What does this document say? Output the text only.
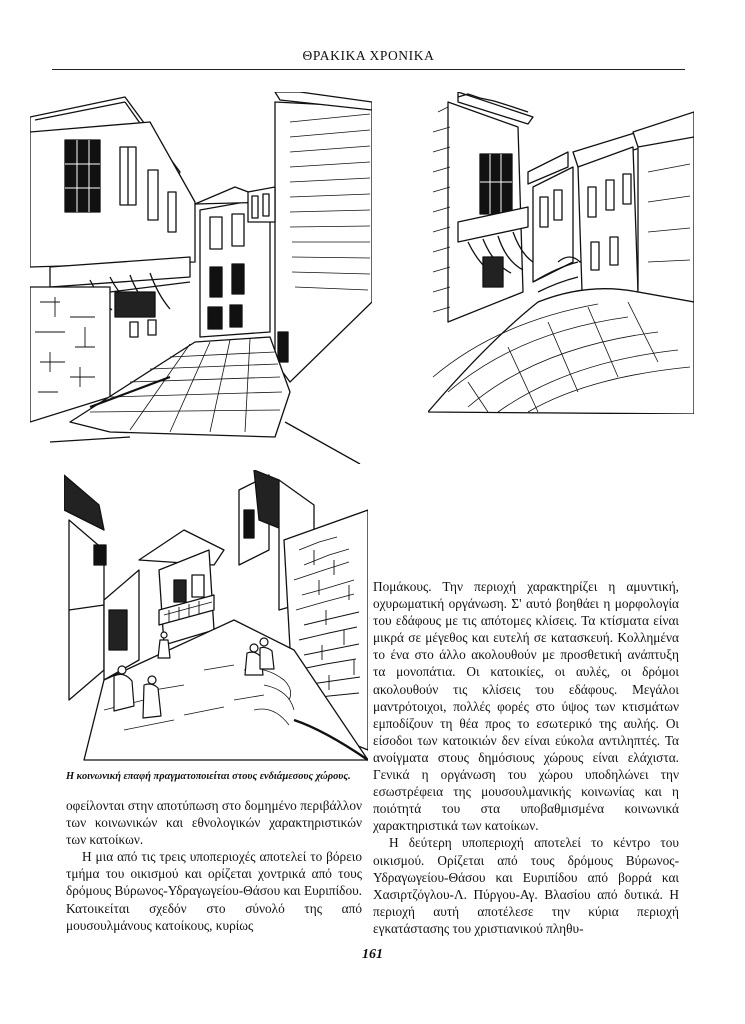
ΘΡΑΚΙΚΑ ΧΡΟΝΙΚΑ
Η κοινωνική επαφή πραγματοποιείται στους ενδιάμεσους χώρους.

οφείλονται στην αποτύπωση στο δομημένο περιβάλλον των κοινωνικών και εθνολογικών χαρακτηριστικών των κατοίκων.

Η μια από τις τρεις υποπεριοχές αποτελεί το βόρειο τμήμα του οικισμού και ορίζεται χοντρικά από τους δρόμους Βύρωνος-Υδραγωγείου-Θάσου και Ευριπίδου. Κατοικείται σχεδόν στο σύνολό της από μουσουλμάνους κατοίκους, κυρίως

Πομάκους. Την περιοχή χαρακτηρίζει η αμυντική, οχυρωματική οργάνωση. Σ' αυτό βοηθάει η μορφολογία του εδάφους με τις απότομες κλίσεις. Τα κτίσματα είναι μικρά σε μέγεθος και ευτελή σε κατασκευή. Κολλημένα το ένα στο άλλο ακολουθούν με προσθετική ανάπτυξη τα μονοπάτια. Οι κατοικίες, οι αυλές, οι δρόμοι ακολουθούν τις κλίσεις του εδάφους. Μεγάλοι μαντρότοιχοι, πολλές φορές στο ύψος των κτισμάτων εμποδίζουν τη θέα προς το εσωτερικό της αυλής. Οι είσοδοι των κατοικιών δεν είναι εύκολα αντιληπτές. Τα ανοίγματα στους δημόσιους χώρους είναι ελάχιστα. Γενικά η οργάνωση του χώρου υποδηλώνει την εσωστρέφεια της μουσουλμανικής κοινωνίας και η ποιότητά του στα υποβαθμισμένα κοινωνικά χαρακτηριστικά των κατοίκων.

Η δεύτερη υποπεριοχή αποτελεί το κέντρο του οικισμού. Ορίζεται από τους δρόμους Βύρωνος-Υδραγωγείου-Θάσου και Ευριπίδου από βορρά και Χασιρτζόγλου-Λ. Πύργου-Αγ. Βλασίου από δυτικά. Η περιοχή αυτή αποτέλεσε την κύρια περιοχή εγκατάστασης του χριστιανικού πληθυ-

161
